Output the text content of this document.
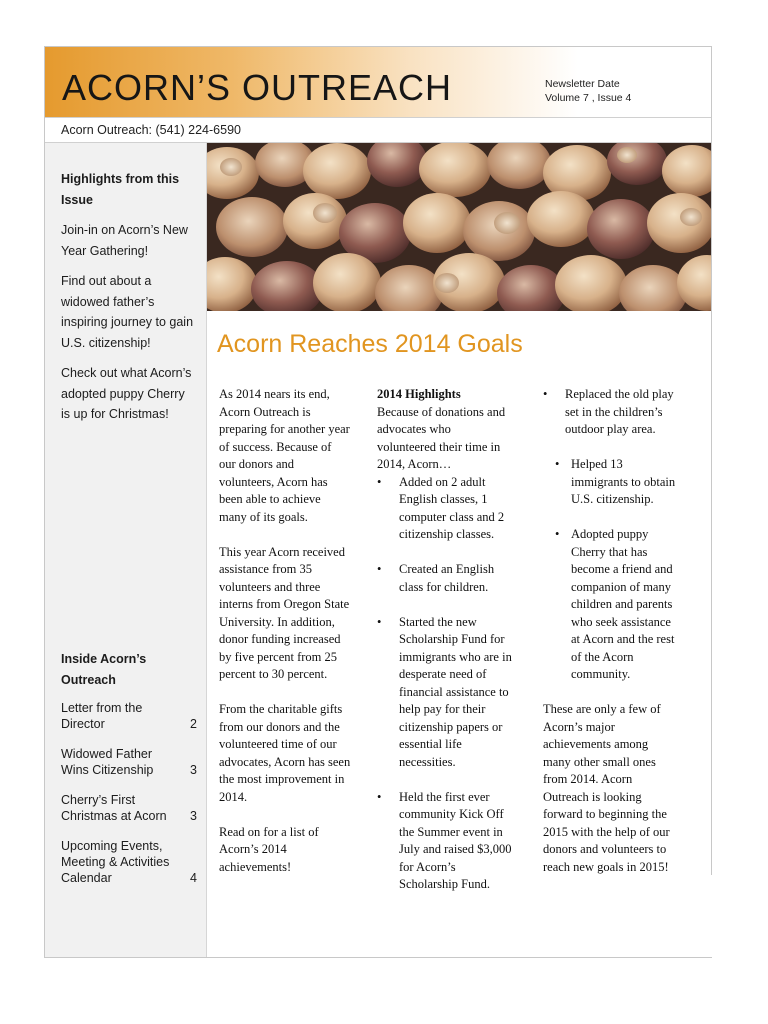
ACORN’S OUTREACH	Newsletter Date
Volume 7 , Issue 4
Acorn Outreach: (541) 224-6590

Highlights from this Issue

Join-in on Acorn’s New Year Gathering!

Find out about a widowed father’s inspiring journey to gain U.S. citizenship!

Check out what Acorn’s adopted puppy Cherry is up for Christmas!

Inside Acorn’s Outreach

Letter from the Director	2
Widowed Father Wins Citizenship	3
Cherry’s First Christmas at Acorn	3
Upcoming Events, Meeting & Activities Calendar	4
Acorn Reaches 2014 Goals

As 2014 nears its end, Acorn Outreach is preparing for another year of success. Because of our donors and volunteers, Acorn has been able to achieve many of its goals.

This year Acorn received assistance from 35 volunteers and three interns from Oregon State University. In addition, donor funding increased by five percent from 25 percent to 30 percent.

From the charitable gifts from our donors and the volunteered time of our advocates, Acorn has seen the most improvement in 2014.

Read on for a list of Acorn’s 2014 achievements!

2014 Highlights
Because of donations and advocates who volunteered their time in 2014, Acorn…
• Added on 2 adult English classes, 1 computer class and 2 citizenship classes.
• Created an English class for children.
• Started the new Scholarship Fund for immigrants who are in desperate need of financial assistance to help pay for their citizenship papers or essential life necessities.
• Held the first ever community Kick Off the Summer event in July and raised $3,000 for Acorn’s Scholarship Fund.
• Replaced the old play set in the children’s outdoor play area.
• Helped 13 immigrants to obtain U.S. citizenship.
• Adopted puppy Cherry that has become a friend and companion of many children and parents who seek assistance at Acorn and the rest of the Acorn community.
These are only a few of Acorn’s major achievements among many other small ones from 2014. Acorn Outreach is looking forward to beginning the 2015 with the help of our donors and volunteers to reach new goals in 2015!
